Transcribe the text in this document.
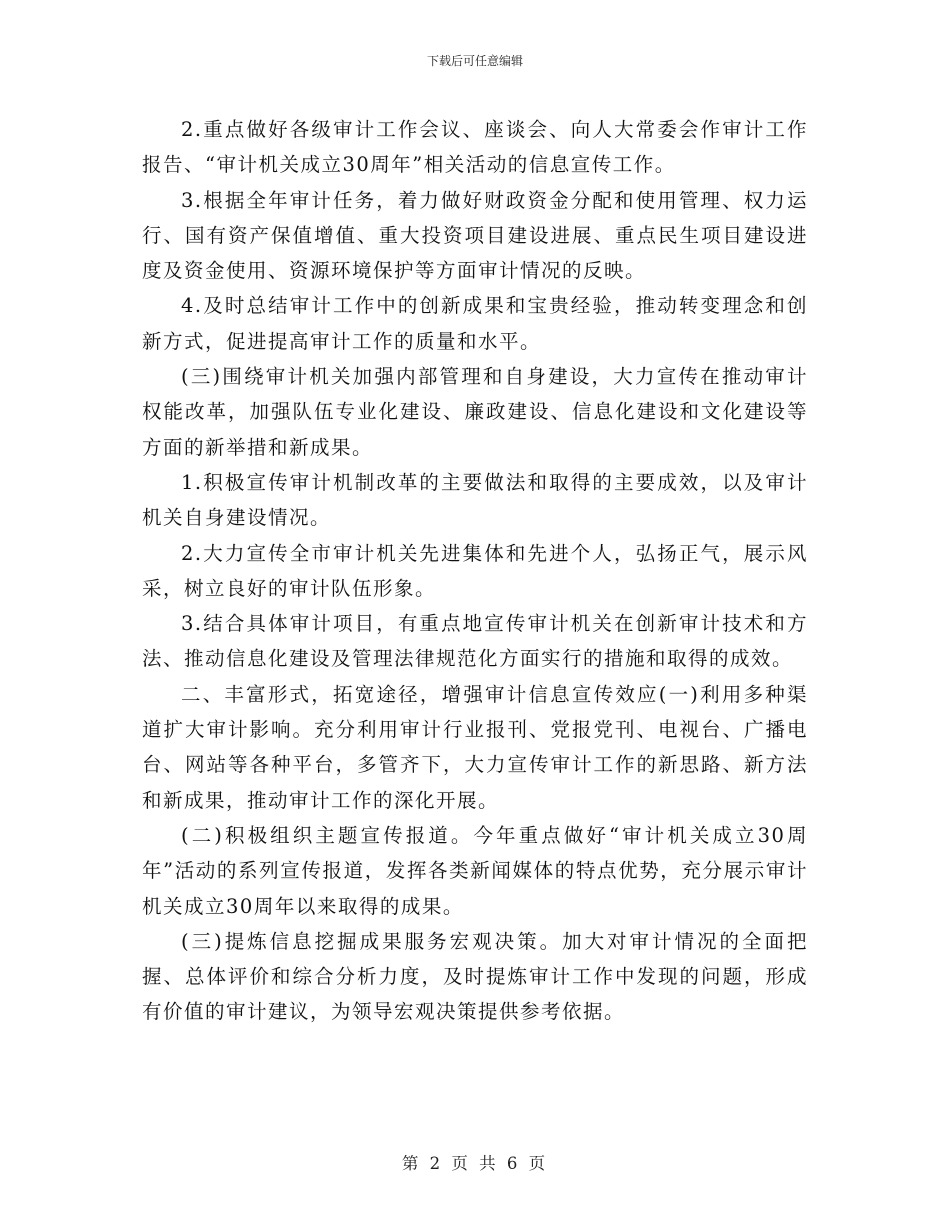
下载后可任意编辑

2.重点做好各级审计工作会议、座谈会、向人大常委会作审计工作报告、“审计机关成立30周年”相关活动的信息宣传工作。

3.根据全年审计任务，着力做好财政资金分配和使用管理、权力运行、国有资产保值增值、重大投资项目建设进展、重点民生项目建设进度及资金使用、资源环境保护等方面审计情况的反映。

4.及时总结审计工作中的创新成果和宝贵经验，推动转变理念和创新方式，促进提高审计工作的质量和水平。

(三)围绕审计机关加强内部管理和自身建设，大力宣传在推动审计权能改革，加强队伍专业化建设、廉政建设、信息化建设和文化建设等方面的新举措和新成果。

1.积极宣传审计机制改革的主要做法和取得的主要成效，以及审计机关自身建设情况。

2.大力宣传全市审计机关先进集体和先进个人，弘扬正气，展示风采，树立良好的审计队伍形象。

3.结合具体审计项目，有重点地宣传审计机关在创新审计技术和方法、推动信息化建设及管理法律规范化方面实行的措施和取得的成效。

二、丰富形式，拓宽途径，增强审计信息宣传效应(一)利用多种渠道扩大审计影响。充分利用审计行业报刊、党报党刊、电视台、广播电台、网站等各种平台，多管齐下，大力宣传审计工作的新思路、新方法和新成果，推动审计工作的深化开展。

(二)积极组织主题宣传报道。今年重点做好“审计机关成立30周年”活动的系列宣传报道，发挥各类新闻媒体的特点优势，充分展示审计机关成立30周年以来取得的成果。

(三)提炼信息挖掘成果服务宏观决策。加大对审计情况的全面把握、总体评价和综合分析力度，及时提炼审计工作中发现的问题，形成有价值的审计建议，为领导宏观决策提供参考依据。

第 2 页 共 6 页
